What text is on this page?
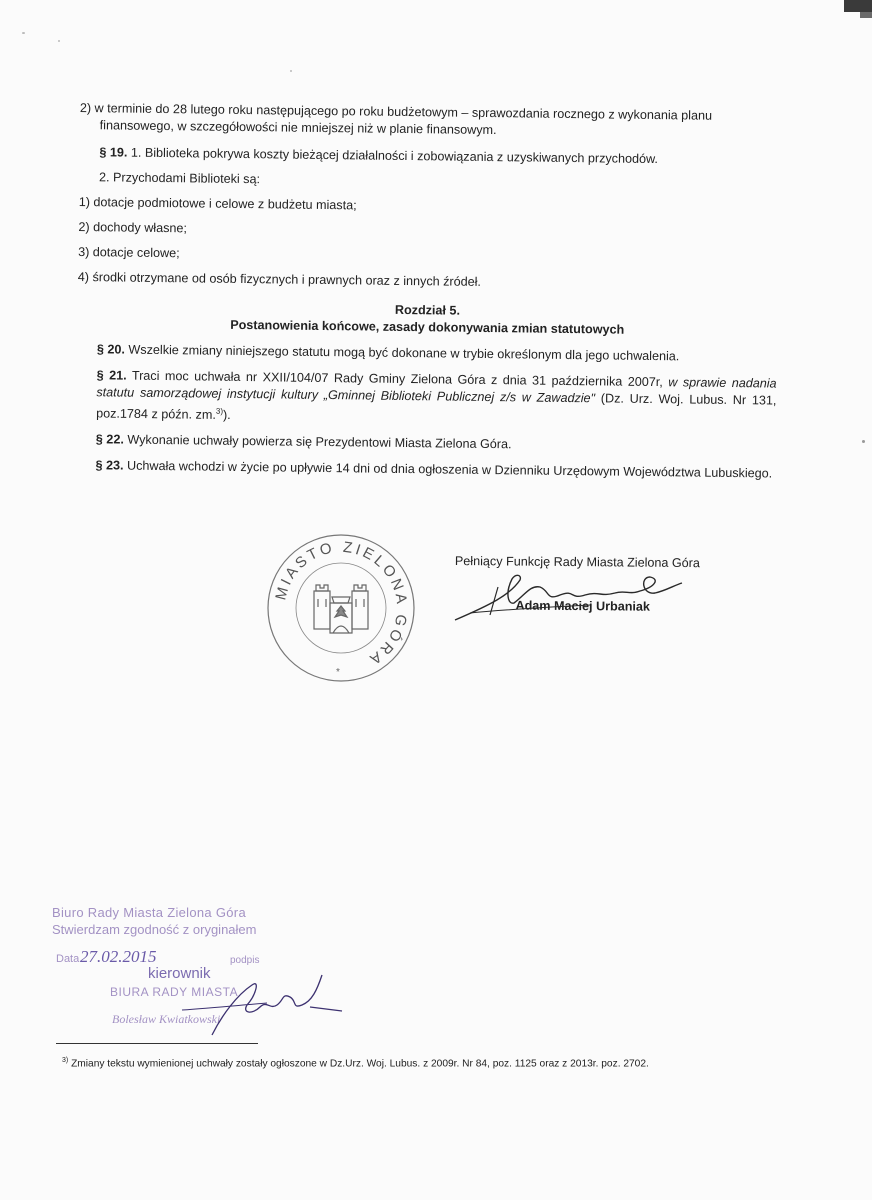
2) w terminie do 28 lutego roku następującego po roku budżetowym – sprawozdania rocznego z wykonania planu

finansowego, w szczegółowości nie mniejszej niż w planie finansowym.

§ 19. 1. Biblioteka pokrywa koszty bieżącej działalności i zobowiązania z uzyskiwanych przychodów.

2. Przychodami Biblioteki są:

1) dotacje podmiotowe i celowe z budżetu miasta;

2) dochody własne;

3) dotacje celowe;

4) środki otrzymane od osób fizycznych i prawnych oraz z innych źródeł.

Rozdział 5.

Postanowienia końcowe, zasady dokonywania zmian statutowych

§ 20. Wszelkie zmiany niniejszego statutu mogą być dokonane w trybie określonym dla jego uchwalenia.

§ 21. Traci moc uchwała nr XXII/104/07 Rady Gminy Zielona Góra z dnia 31 października 2007r, w sprawie nadania statutu samorządowej instytucji kultury „Gminnej Biblioteki Publicznej z/s w Zawadzie" (Dz. Urz. Woj. Lubus. Nr 131, poz.1784 z późn. zm.$^{3)}$).

§ 22. Wykonanie uchwały powierza się Prezydentowi Miasta Zielona Góra.

§ 23. Uchwała wchodzi w życie po upływie 14 dni od dnia ogłoszenia w Dzienniku Urzędowym Województwa Lubuskiego.

MIASTO ZIELONA GÓRA
*
Pełniący Funkcję Rady Miasta Zielona Góra
Adam Maciej Urbaniak
Biuro Rady Miasta Zielona Góra
Stwierdzam zgodność z oryginałem
Data 27.02.2015	podpis
kierownik
BIURA RADY MIASTA
Bolesław Kwiatkowski
$^{3)}$ Zmiany tekstu wymienionej uchwały zostały ogłoszone w Dz.Urz. Woj. Lubus. z 2009r. Nr 84, poz. 1125 oraz z 2013r. poz. 2702.
